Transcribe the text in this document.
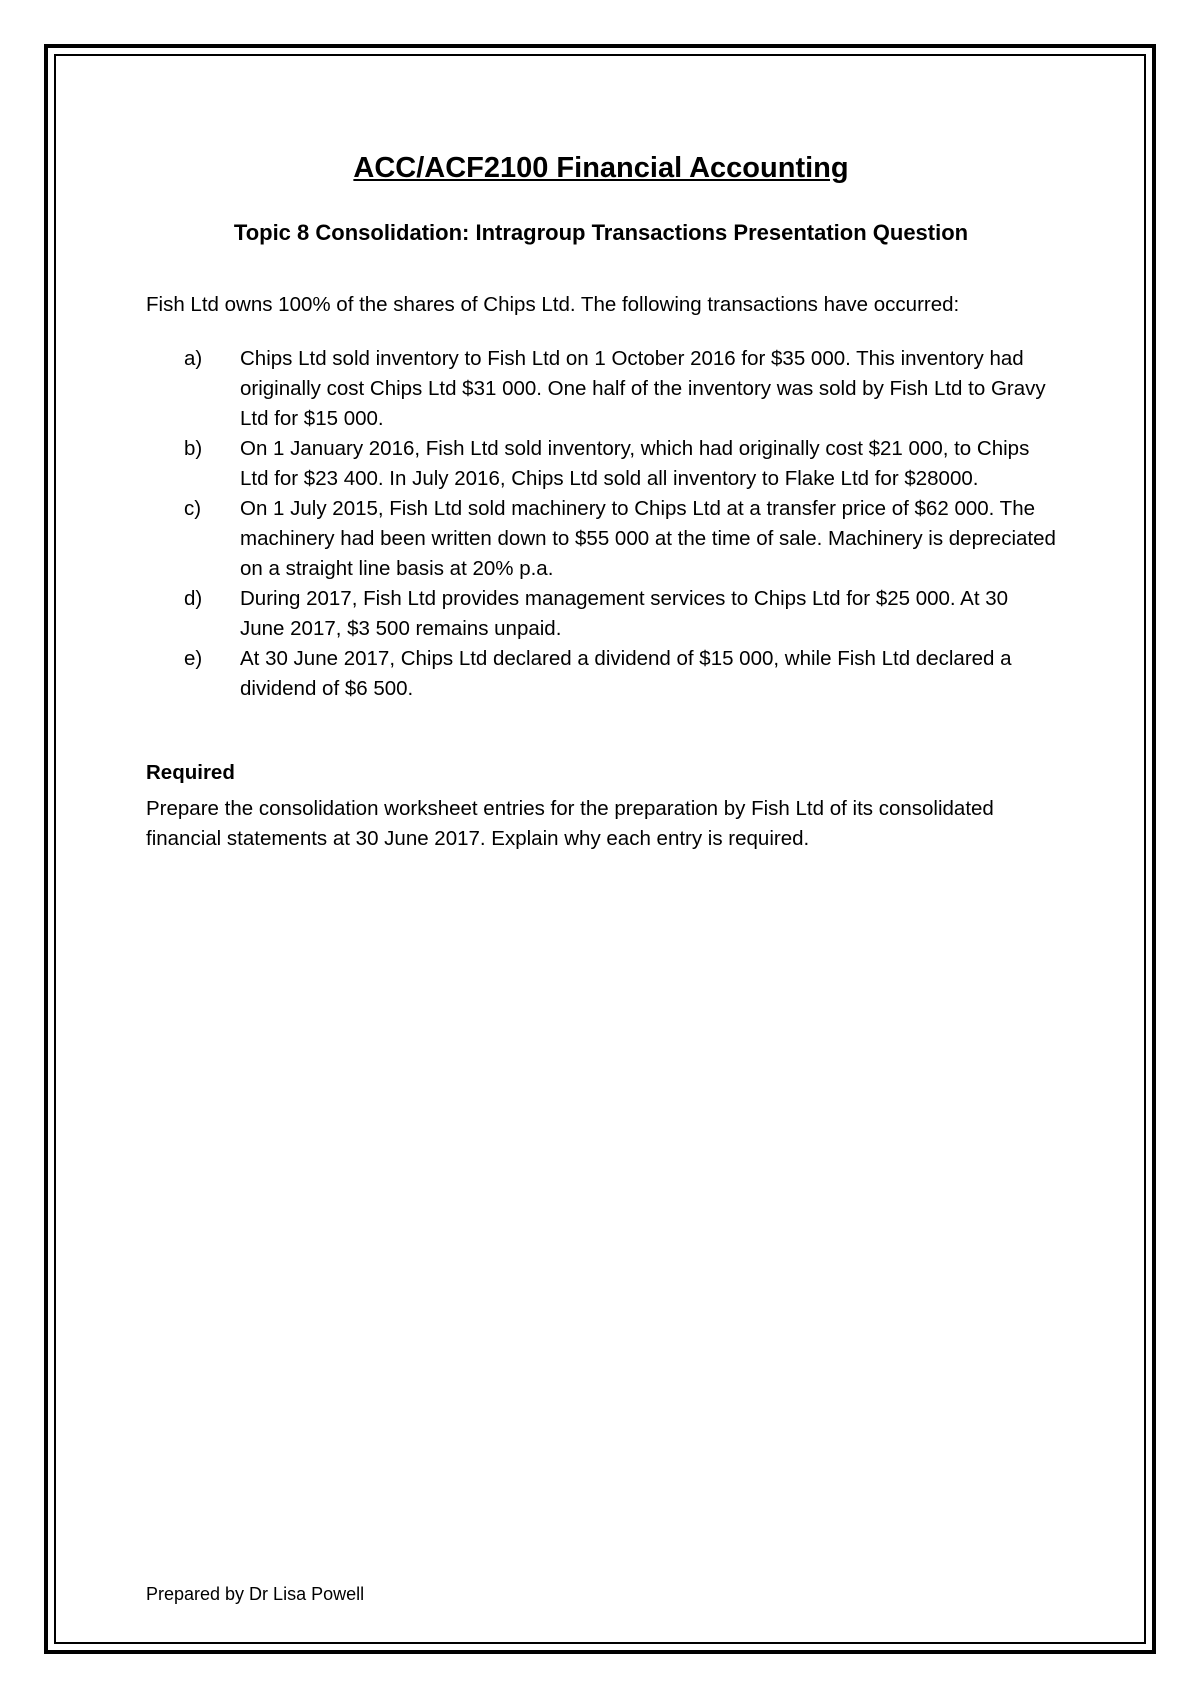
ACC/ACF2100 Financial Accounting
Topic 8 Consolidation: Intragroup Transactions Presentation Question

Fish Ltd owns 100% of the shares of Chips Ltd. The following transactions have occurred:

a)	Chips Ltd sold inventory to Fish Ltd on 1 October 2016 for $35 000. This inventory had originally cost Chips Ltd $31 000. One half of the inventory was sold by Fish Ltd to Gravy Ltd for $15 000.
b)	On 1 January 2016, Fish Ltd sold inventory, which had originally cost $21 000, to Chips Ltd for $23 400. In July 2016, Chips Ltd sold all inventory to Flake Ltd for $28000.
c)	On 1 July 2015, Fish Ltd sold machinery to Chips Ltd at a transfer price of $62 000. The machinery had been written down to $55 000 at the time of sale. Machinery is depreciated on a straight line basis at 20% p.a.
d)	During 2017, Fish Ltd provides management services to Chips Ltd for $25 000. At 30 June 2017, $3 500 remains unpaid.
e)	At 30 June 2017, Chips Ltd declared a dividend of $15 000, while Fish Ltd declared a dividend of $6 500.
Required

Prepare the consolidation worksheet entries for the preparation by Fish Ltd of its consolidated financial statements at 30 June 2017. Explain why each entry is required.

Prepared by Dr Lisa Powell
